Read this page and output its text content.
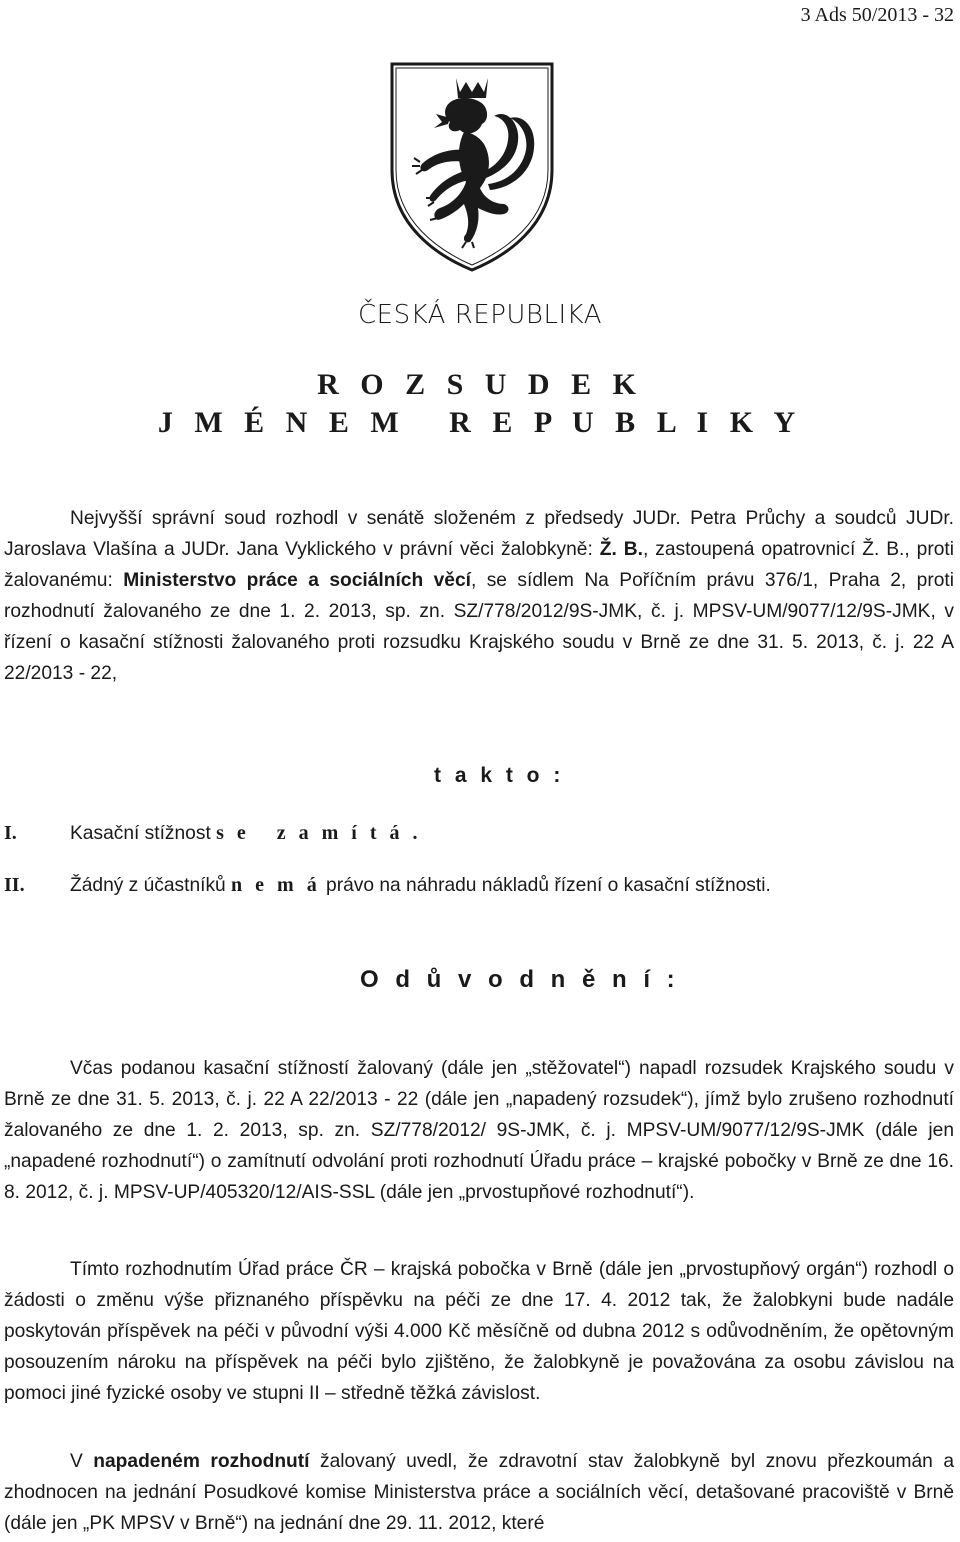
3 Ads 50/2013 - 32
ČESKÁ REPUBLIKA
R O Z S U D E K
J M É N E M   R E P U B L I K Y

Nejvyšší správní soud rozhodl v senátě složeném z předsedy JUDr. Petra Průchy a soudců JUDr. Jaroslava Vlašína a JUDr. Jana Vyklického v právní věci žalobkyně: Ž. B., zastoupená opatrovnicí Ž. B., proti žalovanému: Ministerstvo práce a sociálních věcí, se sídlem Na Poříčním právu 376/1, Praha 2, proti rozhodnutí žalovaného ze dne 1. 2. 2013, sp. zn. SZ/778/2012/9S-JMK, č. j. MPSV-UM/9077/12/9S-JMK, v řízení o kasační stížnosti žalovaného proti rozsudku Krajského soudu v Brně ze dne 31. 5. 2013, č. j. 22 A 22/2013 - 22,

t a k t o :
I.	Kasační stížnost s e   z a m í t á .
II. Žádný z účastníků n e m á právo na náhradu nákladů řízení o kasační stížnosti.
O d ů v o d n ě n í :

Včas podanou kasační stížností žalovaný (dále jen „stěžovatel“) napadl rozsudek Krajského soudu v Brně ze dne 31. 5. 2013, č. j. 22 A 22/2013 - 22 (dále jen „napadený rozsudek“), jímž bylo zrušeno rozhodnutí žalovaného ze dne 1. 2. 2013, sp. zn. SZ/778/2012/ 9S-JMK, č. j. MPSV-UM/9077/12/9S-JMK (dále jen „napadené rozhodnutí“) o zamítnutí odvolání proti rozhodnutí Úřadu práce – krajské pobočky v Brně ze dne 16. 8. 2012, č. j. MPSV-UP/405320/12/AIS-SSL (dále jen „prvostupňové rozhodnutí“).

Tímto rozhodnutím Úřad práce ČR – krajská pobočka v Brně (dále jen „prvostupňový orgán“) rozhodl o žádosti o změnu výše přiznaného příspěvku na péči ze dne 17. 4. 2012 tak, že žalobkyni bude nadále poskytován příspěvek na péči v původní výši 4.000 Kč měsíčně od dubna 2012 s odůvodněním, že opětovným posouzením nároku na příspěvek na péči bylo zjištěno, že žalobkyně je považována za osobu závislou na pomoci jiné fyzické osoby ve stupni II – středně těžká závislost.

V napadeném rozhodnutí žalovaný uvedl, že zdravotní stav žalobkyně byl znovu přezkoumán a zhodnocen na jednání Posudkové komise Ministerstva práce a sociálních věcí, detašované pracoviště v Brně (dále jen „PK MPSV v Brně“) na jednání dne 29. 11. 2012, které
